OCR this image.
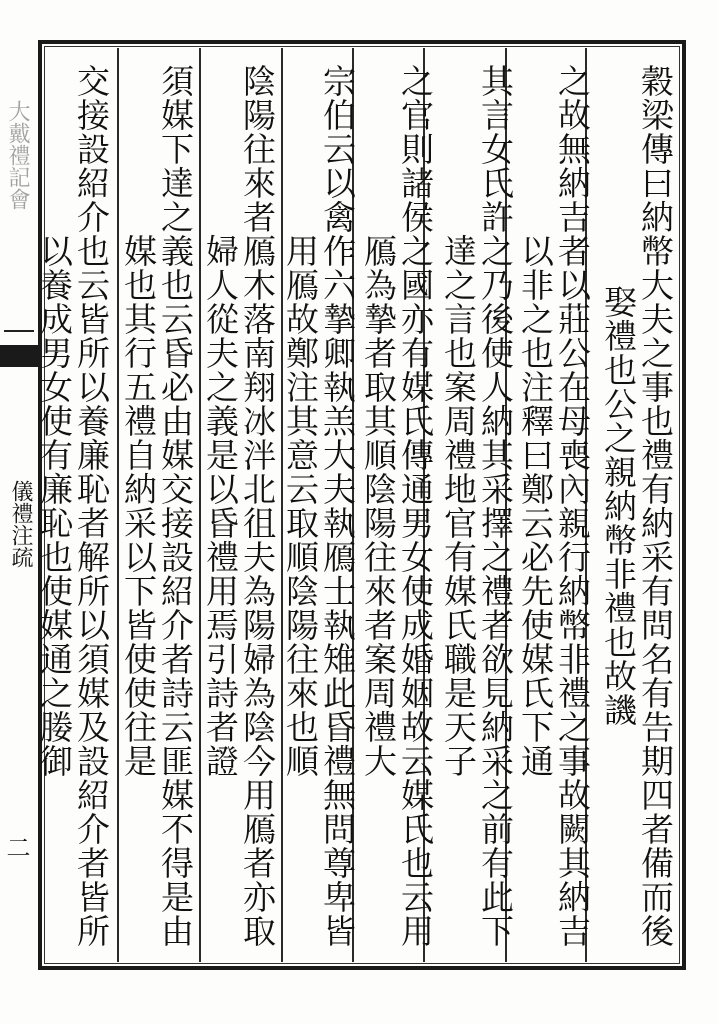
大戴禮記會
儀禮注疏
二	穀梁傳曰納幣大夫之事也禮有納采有問名有告期四者備而後娶禮也公之親納幣非禮也故譏
之故無納吉者以莊公在母喪內親行納幣非禮之事故闕其納吉以非之也注釋曰鄭云必先使媒氏下通
其言女氏許之乃後使人納其采擇之禮者欲見納采之前有此下達之言也案周禮地官有媒氏職是天子
之官則諸侯之國亦有媒氏傳通男女使成婚姻故云媒氏也云用鴈為摯者取其順陰陽往來者案周禮大
宗伯云以禽作六摯卿執羔大夫執鴈士執雉此昏禮無問尊卑皆用鴈故鄭注其意云取順陰陽往來也順
陰陽往來者鴈木落南翔冰泮北徂夫為陽婦為陰今用鴈者亦取婦人從夫之義是以昏禮用焉引詩者證
須媒下達之義也云昏必由媒交接設紹介者詩云匪媒不得是由媒也其行五禮自納采以下皆使使往是
交接設紹介也云皆所以養廉恥者解所以須媒及設紹介者皆所以養成男女使有廉恥也使媒通之媵御
